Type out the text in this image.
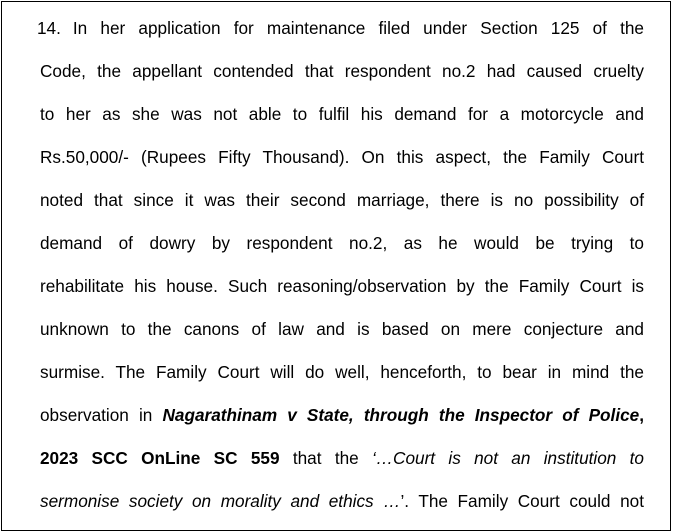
14. In her application for maintenance filed under Section 125 of the
Code, the appellant contended that respondent no.2 had caused cruelty
to her as she was not able to fulfil his demand for a motorcycle and
Rs.50,000/- (Rupees Fifty Thousand). On this aspect, the Family Court
noted that since it was their second marriage, there is no possibility of
demand of dowry by respondent no.2, as he would be trying to
rehabilitate his house. Such reasoning/observation by the Family Court is
unknown to the canons of law and is based on mere conjecture and
surmise. The Family Court will do well, henceforth, to bear in mind the
observation in Nagarathinam v State, through the Inspector of Police,
2023 SCC OnLine SC 559 that the ‘…Court is not an institution to
sermonise society on morality and ethics …’. The Family Court could not
